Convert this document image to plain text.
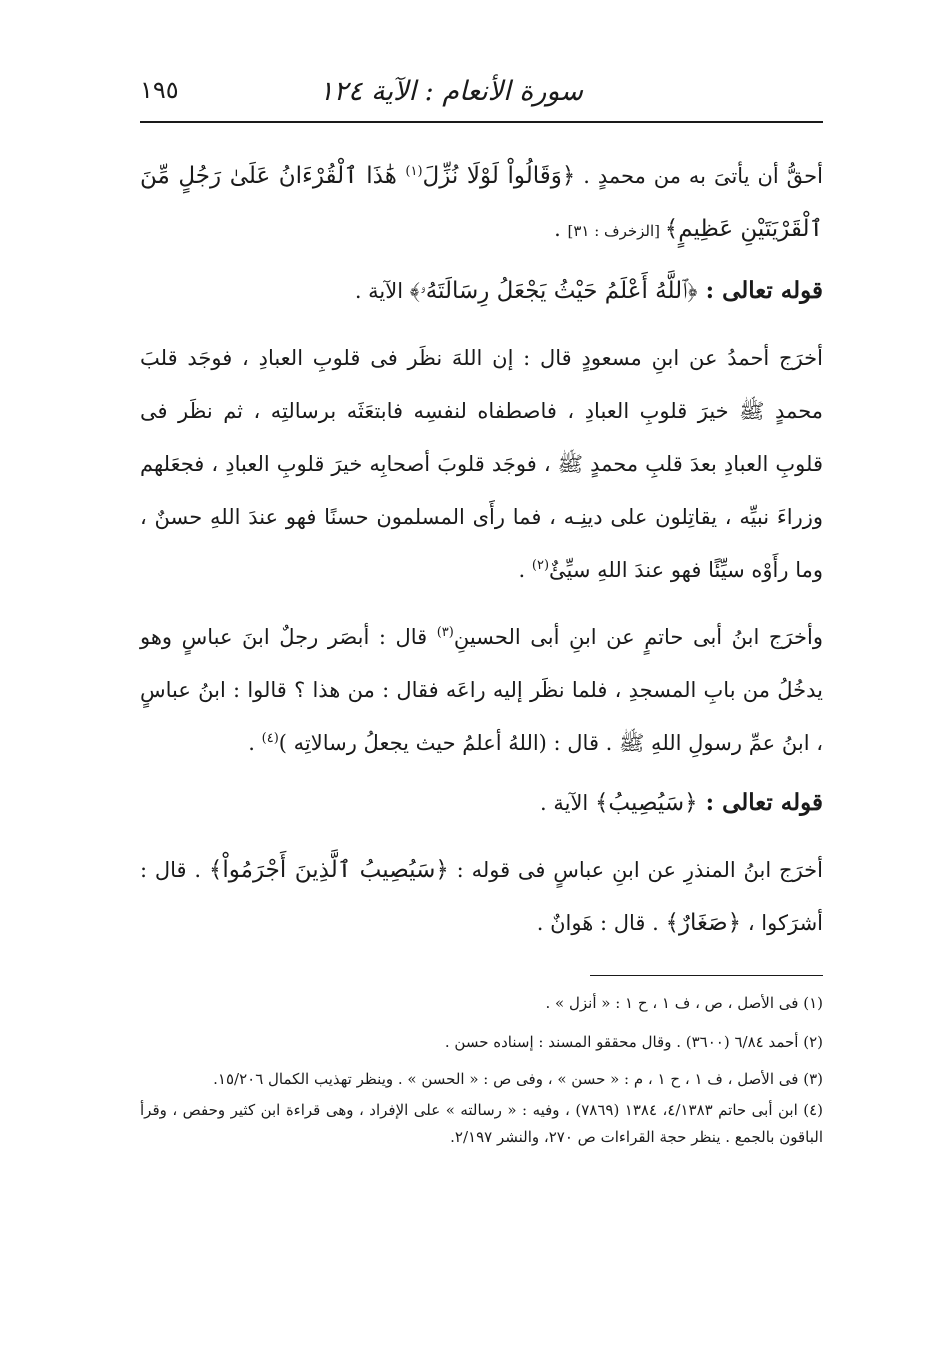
سورة الأنعام : الآية ١٢٤
١٩٥

أحقُّ أن يأتىَ به من محمدٍ . ﴿وَقَالُواْ لَوْلَا نُزِّلَ$^{(١)}$ هَٰذَا ٱلْقُرْءَانُ عَلَىٰ رَجُلٍ مِّنَ ٱلْقَرْيَتَيْنِ عَظِيمٍ﴾ [الزخرف : ٣١] .

قوله تعالى : ﴿ٱللَّهُ أَعْلَمُ حَيْثُ يَجْعَلُ رِسَالَتَهُۥ﴾ الآية .

أخرَج أحمدُ عن ابنِ مسعودٍ قال : إن اللهَ نظَر فى قلوبِ العبادِ ، فوجَد قلبَ محمدٍ ﷺ خيرَ قلوبِ العبادِ ، فاصطفاه لنفسِه فابتعَثَه برسالتِه ، ثم نظَر فى قلوبِ العبادِ بعدَ قلبِ محمدٍ ﷺ ، فوجَد قلوبَ أصحابِه خيرَ قلوبِ العبادِ ، فجعَلهم وزراءَ نبيِّه ، يقاتِلون على دينِـه ، فما رأَى المسلمون حسنًا فهو عندَ اللهِ حسنٌ ، وما رأَوْه سيِّئًا فهو عندَ اللهِ سيِّئٌ$^{(٢)}$ .

وأخرَج ابنُ أبى حاتمٍ عن ابنِ أبى الحسينِ$^{(٣)}$ قال : أبصَر رجلٌ ابنَ عباسٍ وهو يدخُلُ من بابِ المسجدِ ، فلما نظَر إليه راعَه فقال : من هذا ؟ قالوا : ابنُ عباسٍ ، ابنُ عمِّ رسولِ اللهِ ﷺ . قال : (اللهُ أعلمُ حيث يجعلُ رسالاتِه )$^{(٤)}$ .

قوله تعالى : ﴿سَيُصِيبُ﴾ الآية .

أخرَج ابنُ المنذرِ عن ابنِ عباسٍ فى قوله : ﴿سَيُصِيبُ ٱلَّذِينَ أَجْرَمُواْ﴾ . قال : أشرَكوا ، ﴿صَغَارٌ﴾ . قال : هَوانٌ .

(١) فى الأصل ، ص ، ف ١ ، ح ١ : « أنزل » .

(٢) أحمد ٦/٨٤ (٣٦٠٠) . وقال محققو المسند : إسناده حسن .

(٣) فى الأصل ، ف ١ ، ح ١ ، م : « حسن » ، وفى ص : « الحسن » . وينظر تهذيب الكمال ١٥/٢٠٦.

(٤) ابن أبى حاتم ٤/١٣٨٣، ١٣٨٤ (٧٨٦٩) ، وفيه : « رسالته » على الإفراد ، وهى قراءة ابن كثير وحفص ، وقرأ الباقون بالجمع . ينظر حجة القراءات ص ٢٧٠، والنشر ٢/١٩٧.
